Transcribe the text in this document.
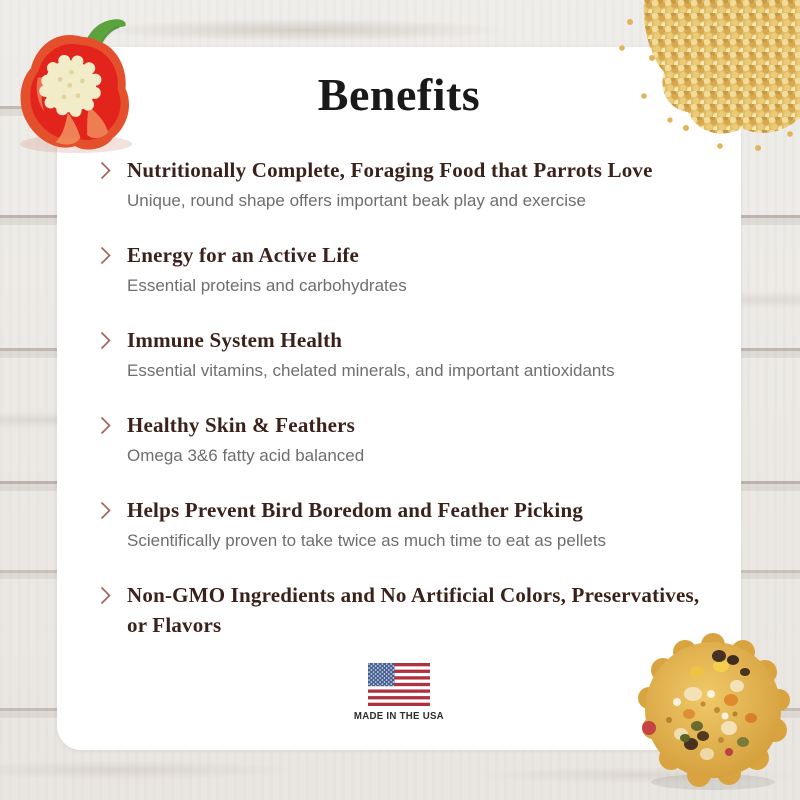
Benefits
Nutritionally Complete, Foraging Food that Parrots Love
Unique, round shape offers important beak play and exercise
Energy for an Active Life
Essential proteins and carbohydrates
Immune System Health
Essential vitamins, chelated minerals, and important antioxidants
Healthy Skin & Feathers
Omega 3&6 fatty acid balanced
Helps Prevent Bird Boredom and Feather Picking
Scientifically proven to take twice as much time to eat as pellets
Non-GMO Ingredients and No Artificial Colors, Preservatives, or Flavors
MADE IN THE USA
